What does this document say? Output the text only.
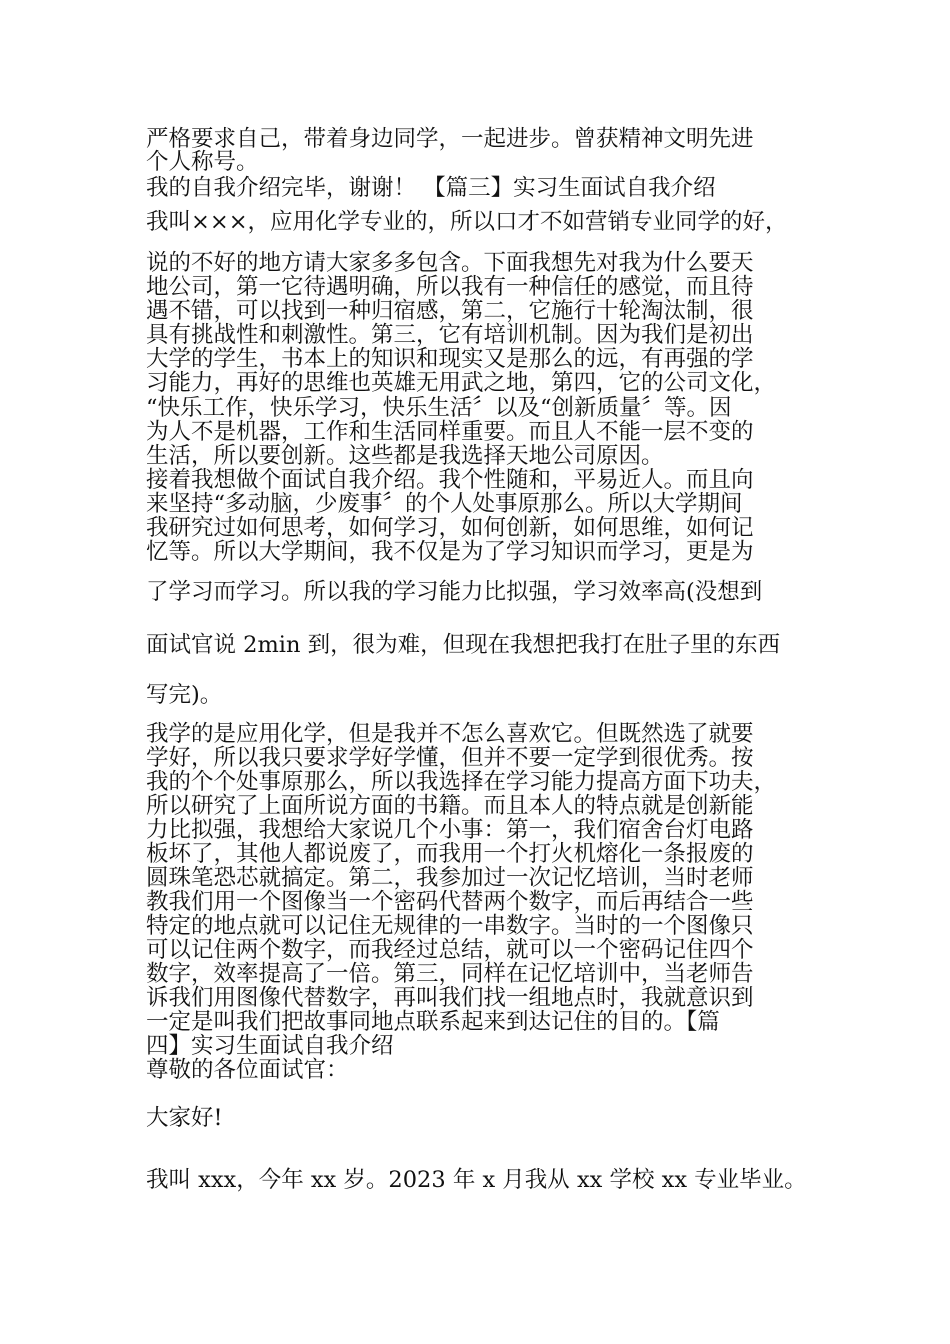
严格要求自己，带着身边同学，一起进步。曾获精神文明先进

个人称号。

我的自我介绍完毕，谢谢！ 【篇三】实习生面试自我介绍

我叫×××，应用化学专业的，所以口才不如营销专业同学的好，

说的不好的地方请大家多多包含。下面我想先对我为什么要天

地公司，第一它待遇明确，所以我有一种信任的感觉，而且待

遇不错，可以找到一种归宿感，第二，它施行十轮淘汰制，很

具有挑战性和刺激性。第三，它有培训机制。因为我们是初出

大学的学生，书本上的知识和现实又是那么的远，有再强的学

习能力，再好的思维也英雄无用武之地，第四，它的公司文化，

“快乐工作，快乐学习，快乐生活〞以及“创新质量〞等。因

为人不是机器，工作和生活同样重要。而且人不能一层不变的

生活，所以要创新。这些都是我选择天地公司原因。

接着我想做个面试自我介绍。我个性随和，平易近人。而且向

来坚持“多动脑，少废事〞的个人处事原那么。所以大学期间

我研究过如何思考，如何学习，如何创新，如何思维，如何记

忆等。所以大学期间，我不仅是为了学习知识而学习，更是为

了学习而学习。所以我的学习能力比拟强，学习效率高(没想到

面试官说 2min 到，很为难，但现在我想把我打在肚子里的东西

写完)。

我学的是应用化学，但是我并不怎么喜欢它。但既然选了就要

学好，所以我只要求学好学懂，但并不要一定学到很优秀。按

我的个个处事原那么，所以我选择在学习能力提高方面下功夫，

所以研究了上面所说方面的书籍。而且本人的特点就是创新能

力比拟强，我想给大家说几个小事：第一，我们宿舍台灯电路

板坏了，其他人都说废了，而我用一个打火机熔化一条报废的

圆珠笔恐芯就搞定。第二，我参加过一次记忆培训，当时老师

教我们用一个图像当一个密码代替两个数字，而后再结合一些

特定的地点就可以记住无规律的一串数字。当时的一个图像只

可以记住两个数字，而我经过总结，就可以一个密码记住四个

数字，效率提高了一倍。第三，同样在记忆培训中，当老师告

诉我们用图像代替数字，再叫我们找一组地点时，我就意识到

一定是叫我们把故事同地点联系起来到达记住的目的。【篇

四】实习生面试自我介绍

尊敬的各位面试官：

大家好!

我叫 xxx，今年 xx 岁。2023 年 x 月我从 xx 学校 xx 专业毕业。
